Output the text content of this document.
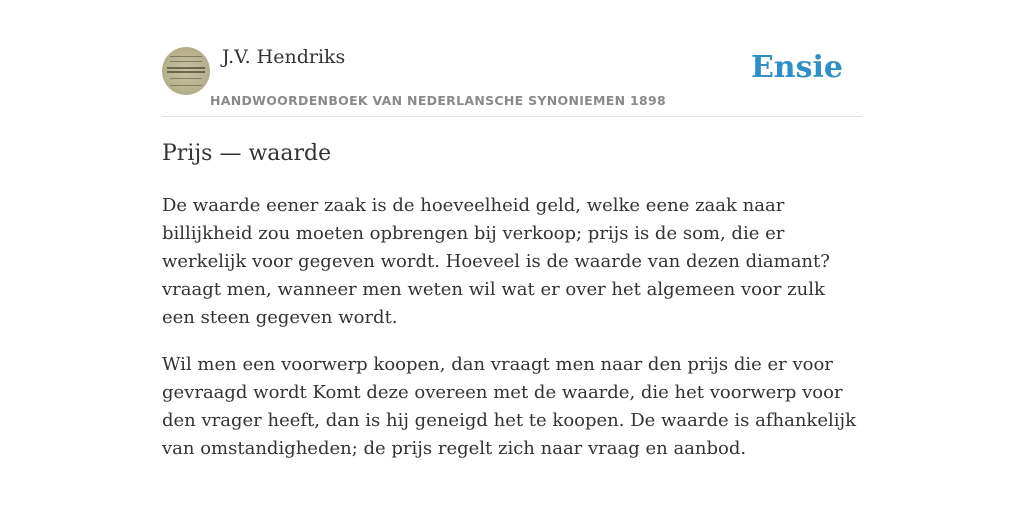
J.V. Hendriks	Ensie
HANDWOORDENBOEK VAN NEDERLANSCHE SYNONIEMEN 1898
Prijs — waarde

De waarde eener zaak is de hoeveelheid geld, welke eene zaak naar billijkheid zou moeten opbrengen bij verkoop; prijs is de som, die er werkelijk voor gegeven wordt. Hoeveel is de waarde van dezen diamant? vraagt men, wanneer men weten wil wat er over het algemeen voor zulk een steen gegeven wordt.

Wil men een voorwerp koopen, dan vraagt men naar den prijs die er voor gevraagd wordt Komt deze overeen met de waarde, die het voorwerp voor den vrager heeft, dan is hij geneigd het te koopen. De waarde is afhankelijk van omstandigheden; de prijs regelt zich naar vraag en aanbod.
